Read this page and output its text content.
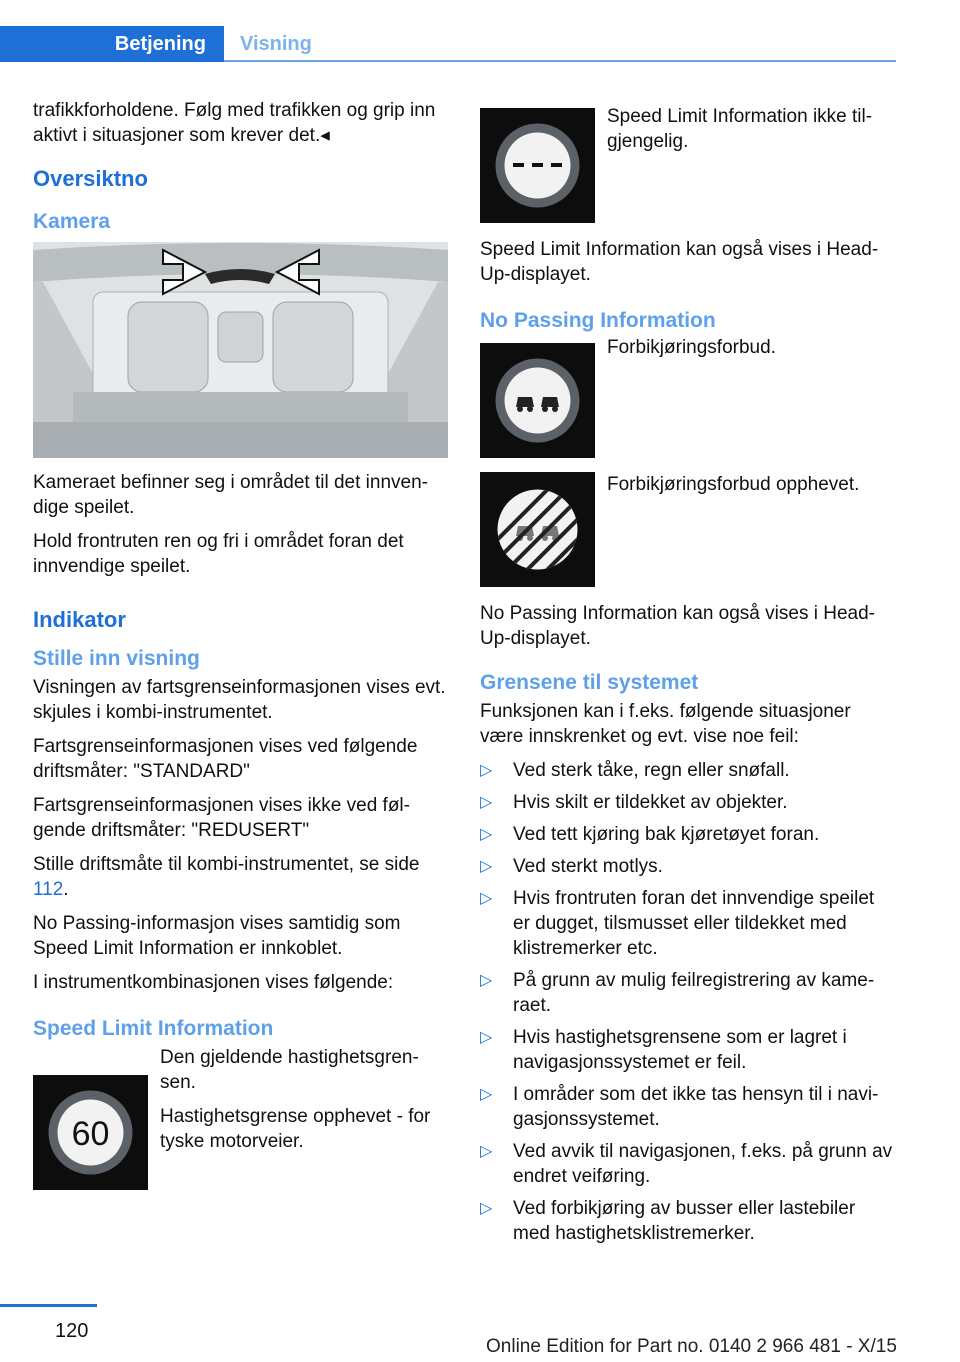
Betjening	Visning

trafikkforholdene. Følg med trafikken og grip inn aktivt i situasjoner som krever det.◂

Oversiktno
Kamera

Kameraet befinner seg i området til det innvendige speilet.

Hold frontruten ren og fri i området foran det innvendige speilet.

Indikator
Stille inn visning

Visningen av fartsgrenseinformasjonen vises evt. skjules i kombi-instrumentet.

Fartsgrenseinformasjonen vises ved følgende driftsmåter: "STANDARD"

Fartsgrenseinformasjonen vises ikke ved følgende driftsmåter: "REDUSERT"

Stille driftsmåte til kombi-instrumentet, se side 112.

No Passing-informasjon vises samtidig som Speed Limit Information er innkoblet.

I instrumentkombinasjonen vises følgende:

Speed Limit Information
60

Den gjeldende hastighetsgrensen.

Hastighetsgrense opphevet - for tyske motorveier.

Speed Limit Information ikke tilgjengelig.

Speed Limit Information kan også vises i Head-Up-displayet.

No Passing Information

Forbikjøringsforbud.

Forbikjøringsforbud opphevet.

No Passing Information kan også vises i Head-Up-displayet.

Grensene til systemet

Funksjonen kan i f.eks. følgende situasjoner være innskrenket og evt. vise noe feil:

▷ Ved sterk tåke, regn eller snøfall.
▷ Hvis skilt er tildekket av objekter.
▷ Ved tett kjøring bak kjøretøyet foran.
▷ Ved sterkt motlys.
▷ Hvis frontruten foran det innvendige speilet er dugget, tilsmusset eller tildekket med klistremerker etc.
▷ På grunn av mulig feilregistrering av kameraet.
▷ Hvis hastighetsgrensene som er lagret i navigasjonssystemet er feil.
▷ I områder som det ikke tas hensyn til i navigasjonssystemet.
▷ Ved avvik til navigasjonen, f.eks. på grunn av endret veiføring.
▷ Ved forbikjøring av busser eller lastebiler med hastighetsklistremerker.
120
Online Edition for Part no. 0140 2 966 481 - X/15
